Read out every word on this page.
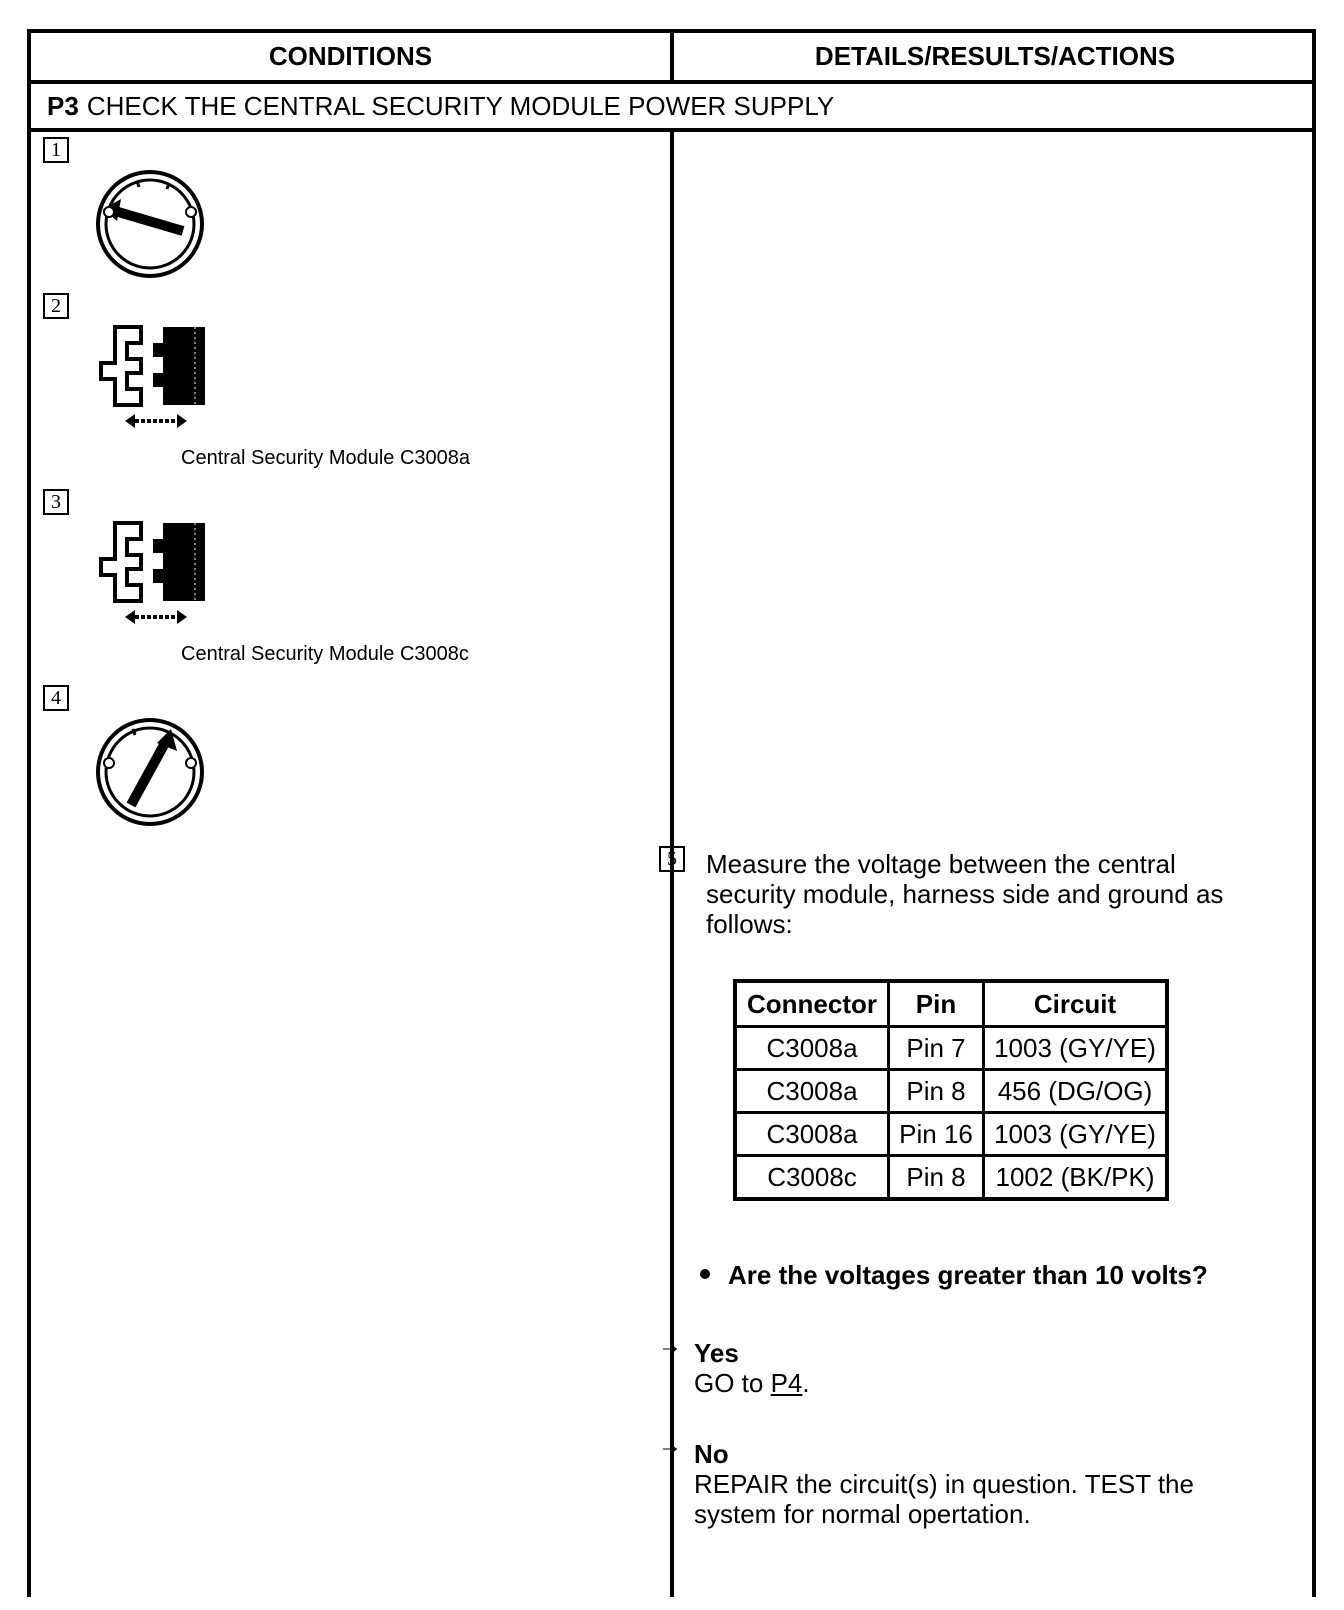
CONDITIONS	DETAILS/RESULTS/ACTIONS
P3 CHECK THE CENTRAL SECURITY MODULE POWER SUPPLY
1
2
Central Security Module C3008a
3
Central Security Module C3008c
4
5	Measure the voltage between the central security module, harness side and ground as follows:
Connector	Pin	Circuit
C3008a	Pin 7	1003 (GY/YE)
C3008a	Pin 8	456 (DG/OG)
C3008a	Pin 16	1003 (GY/YE)
C3008c	Pin 8	1002 (BK/PK)
Are the voltages greater than 10 volts?
→ Yes
GO to P4.
→ No
REPAIR the circuit(s) in question. TEST the system for normal opertation.
